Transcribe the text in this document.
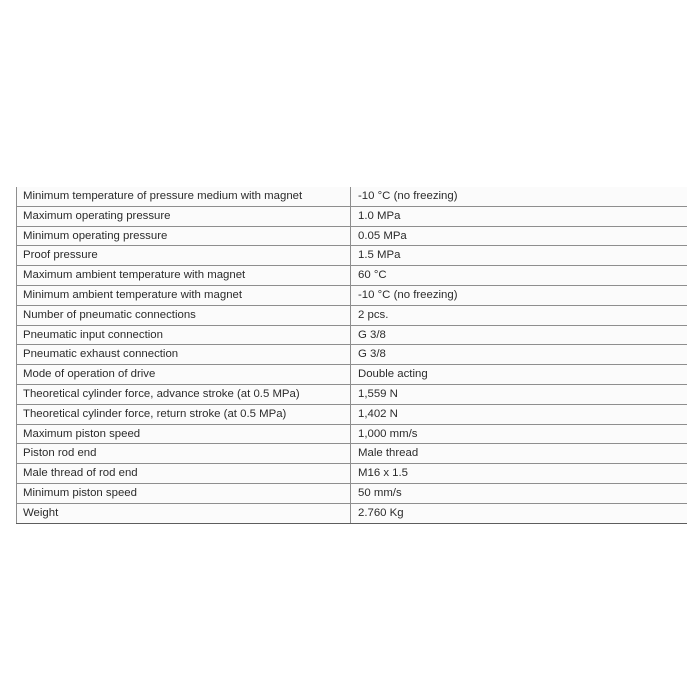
Minimum temperature of pressure medium with magnet	-10 °C (no freezing)
Maximum operating pressure	1.0 MPa
Minimum operating pressure	0.05 MPa
Proof pressure	1.5 MPa
Maximum ambient temperature with magnet	60 °C
Minimum ambient temperature with magnet	-10 °C (no freezing)
Number of pneumatic connections	2 pcs.
Pneumatic input connection	G 3/8
Pneumatic exhaust connection	G 3/8
Mode of operation of drive	Double acting
Theoretical cylinder force, advance stroke (at 0.5 MPa)	1,559 N
Theoretical cylinder force, return stroke (at 0.5 MPa)	1,402 N
Maximum piston speed	1,000 mm/s
Piston rod end	Male thread
Male thread of rod end	M16 x 1.5
Minimum piston speed	50 mm/s
Weight	2.760 Kg
